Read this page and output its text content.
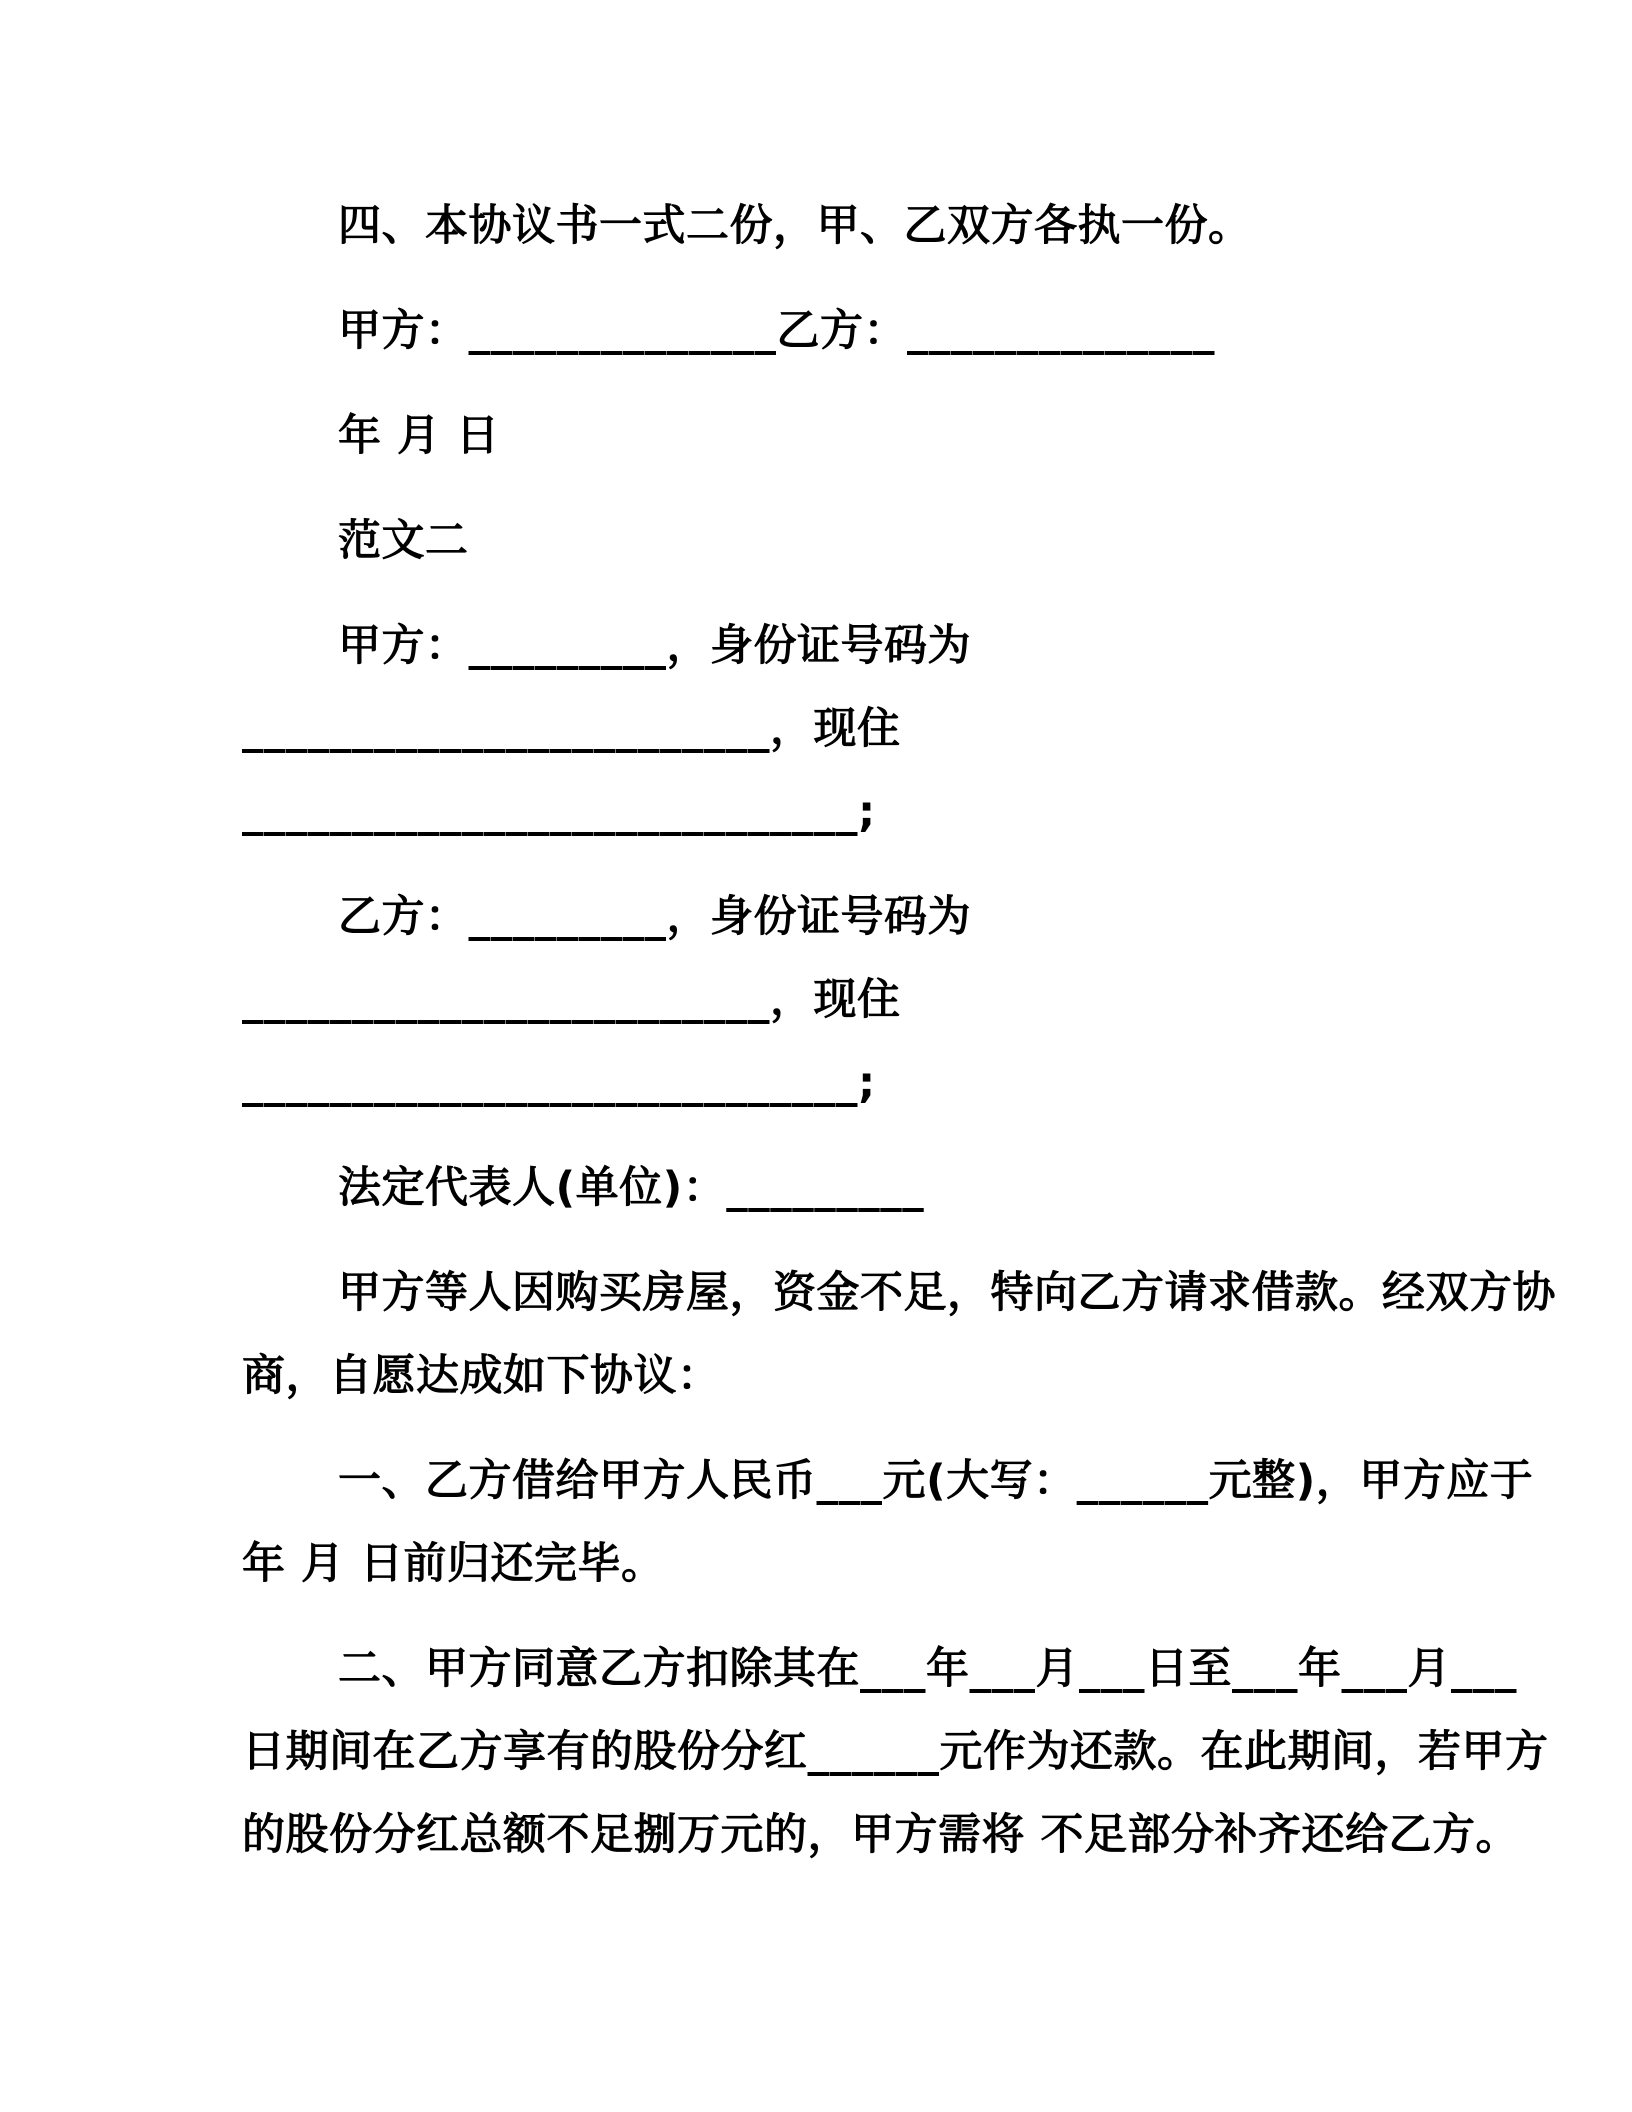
四、本协议书一式二份，甲、乙双方各执一份。
甲方：______________乙方：______________
年 月 日
范文二
甲方：_________，身份证号码为
________________________，现住
____________________________;
乙方：_________，身份证号码为
________________________，现住
____________________________;
法定代表人(单位)：_________
甲方等人因购买房屋，资金不足，特向乙方请求借款。经双方协
商，自愿达成如下协议：
一、乙方借给甲方人民币___元(大写：______元整)，甲方应于
年 月 日前归还完毕。
二、甲方同意乙方扣除其在___年___月___日至___年___月___
日期间在乙方享有的股份分红______元作为还款。在此期间，若甲方
的股份分红总额不足捌万元的，甲方需将 不足部分补齐还给乙方。
